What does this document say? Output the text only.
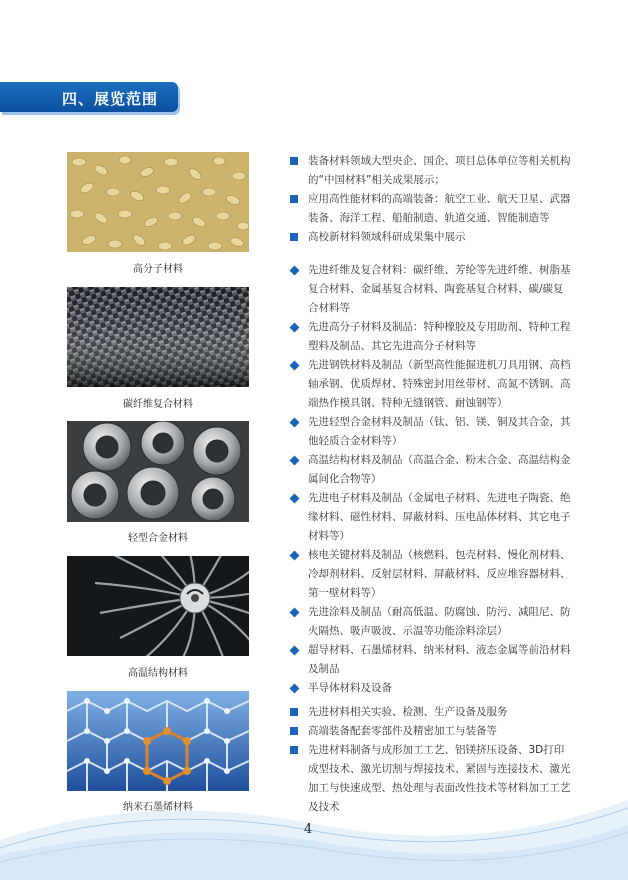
四、展览范围
高分子材料
碳纤维复合材料
轻型合金材料
高温结构材料
纳米石墨烯材料
装备材料领域大型央企、国企、项目总体单位等相关机构
的“中国材料”相关成果展示；
应用高性能材料的高端装备：航空工业、航天卫星、武器
装备、海洋工程、船舶制造、轨道交通、智能制造等
高校新材料领域科研成果集中展示
先进纤维及复合材料：碳纤维、芳纶等先进纤维、树脂基
复合材料、金属基复合材料、陶瓷基复合材料、碳/碳复
合材料等
先进高分子材料及制品：特种橡胶及专用助剂、特种工程
塑料及制品、其它先进高分子材料等
先进钢铁材料及制品（新型高性能掘进机刀具用钢、高档
轴承钢、优质焊材、特殊密封用丝带材、高氮不锈钢、高
端热作模具钢、特种无缝钢管、耐蚀钢等）
先进轻型合金材料及制品（钛、铝、镁、铜及其合金，其
他轻质合金材料等）
高温结构材料及制品（高温合金、粉末合金、高温结构金
属间化合物等）
先进电子材料及制品（金属电子材料、先进电子陶瓷、绝
缘材料、磁性材料、屏蔽材料、压电晶体材料、其它电子
材料等）
核电关键材料及制品（核燃料、包壳材料、慢化剂材料、
冷却剂材料、反射层材料、屏蔽材料、反应堆容器材料、
第一壁材料等）
先进涂料及制品（耐高低温、防腐蚀、防污、减阻尼、防
火隔热、吸声吸波、示温等功能涂料涂层）
超导材料、石墨烯材料、纳米材料、液态金属等前沿材料
及制品
半导体材料及设备
先进材料相关实验、检测、生产设备及服务
高端装备配套零部件及精密加工与装备等
先进材料制备与成形加工工艺、铝镁挤压设备、3D打印
成型技术、激光切割与焊接技术、紧固与连接技术、激光
加工与快速成型、热处理与表面改性技术等材料加工工艺
及技术
4
